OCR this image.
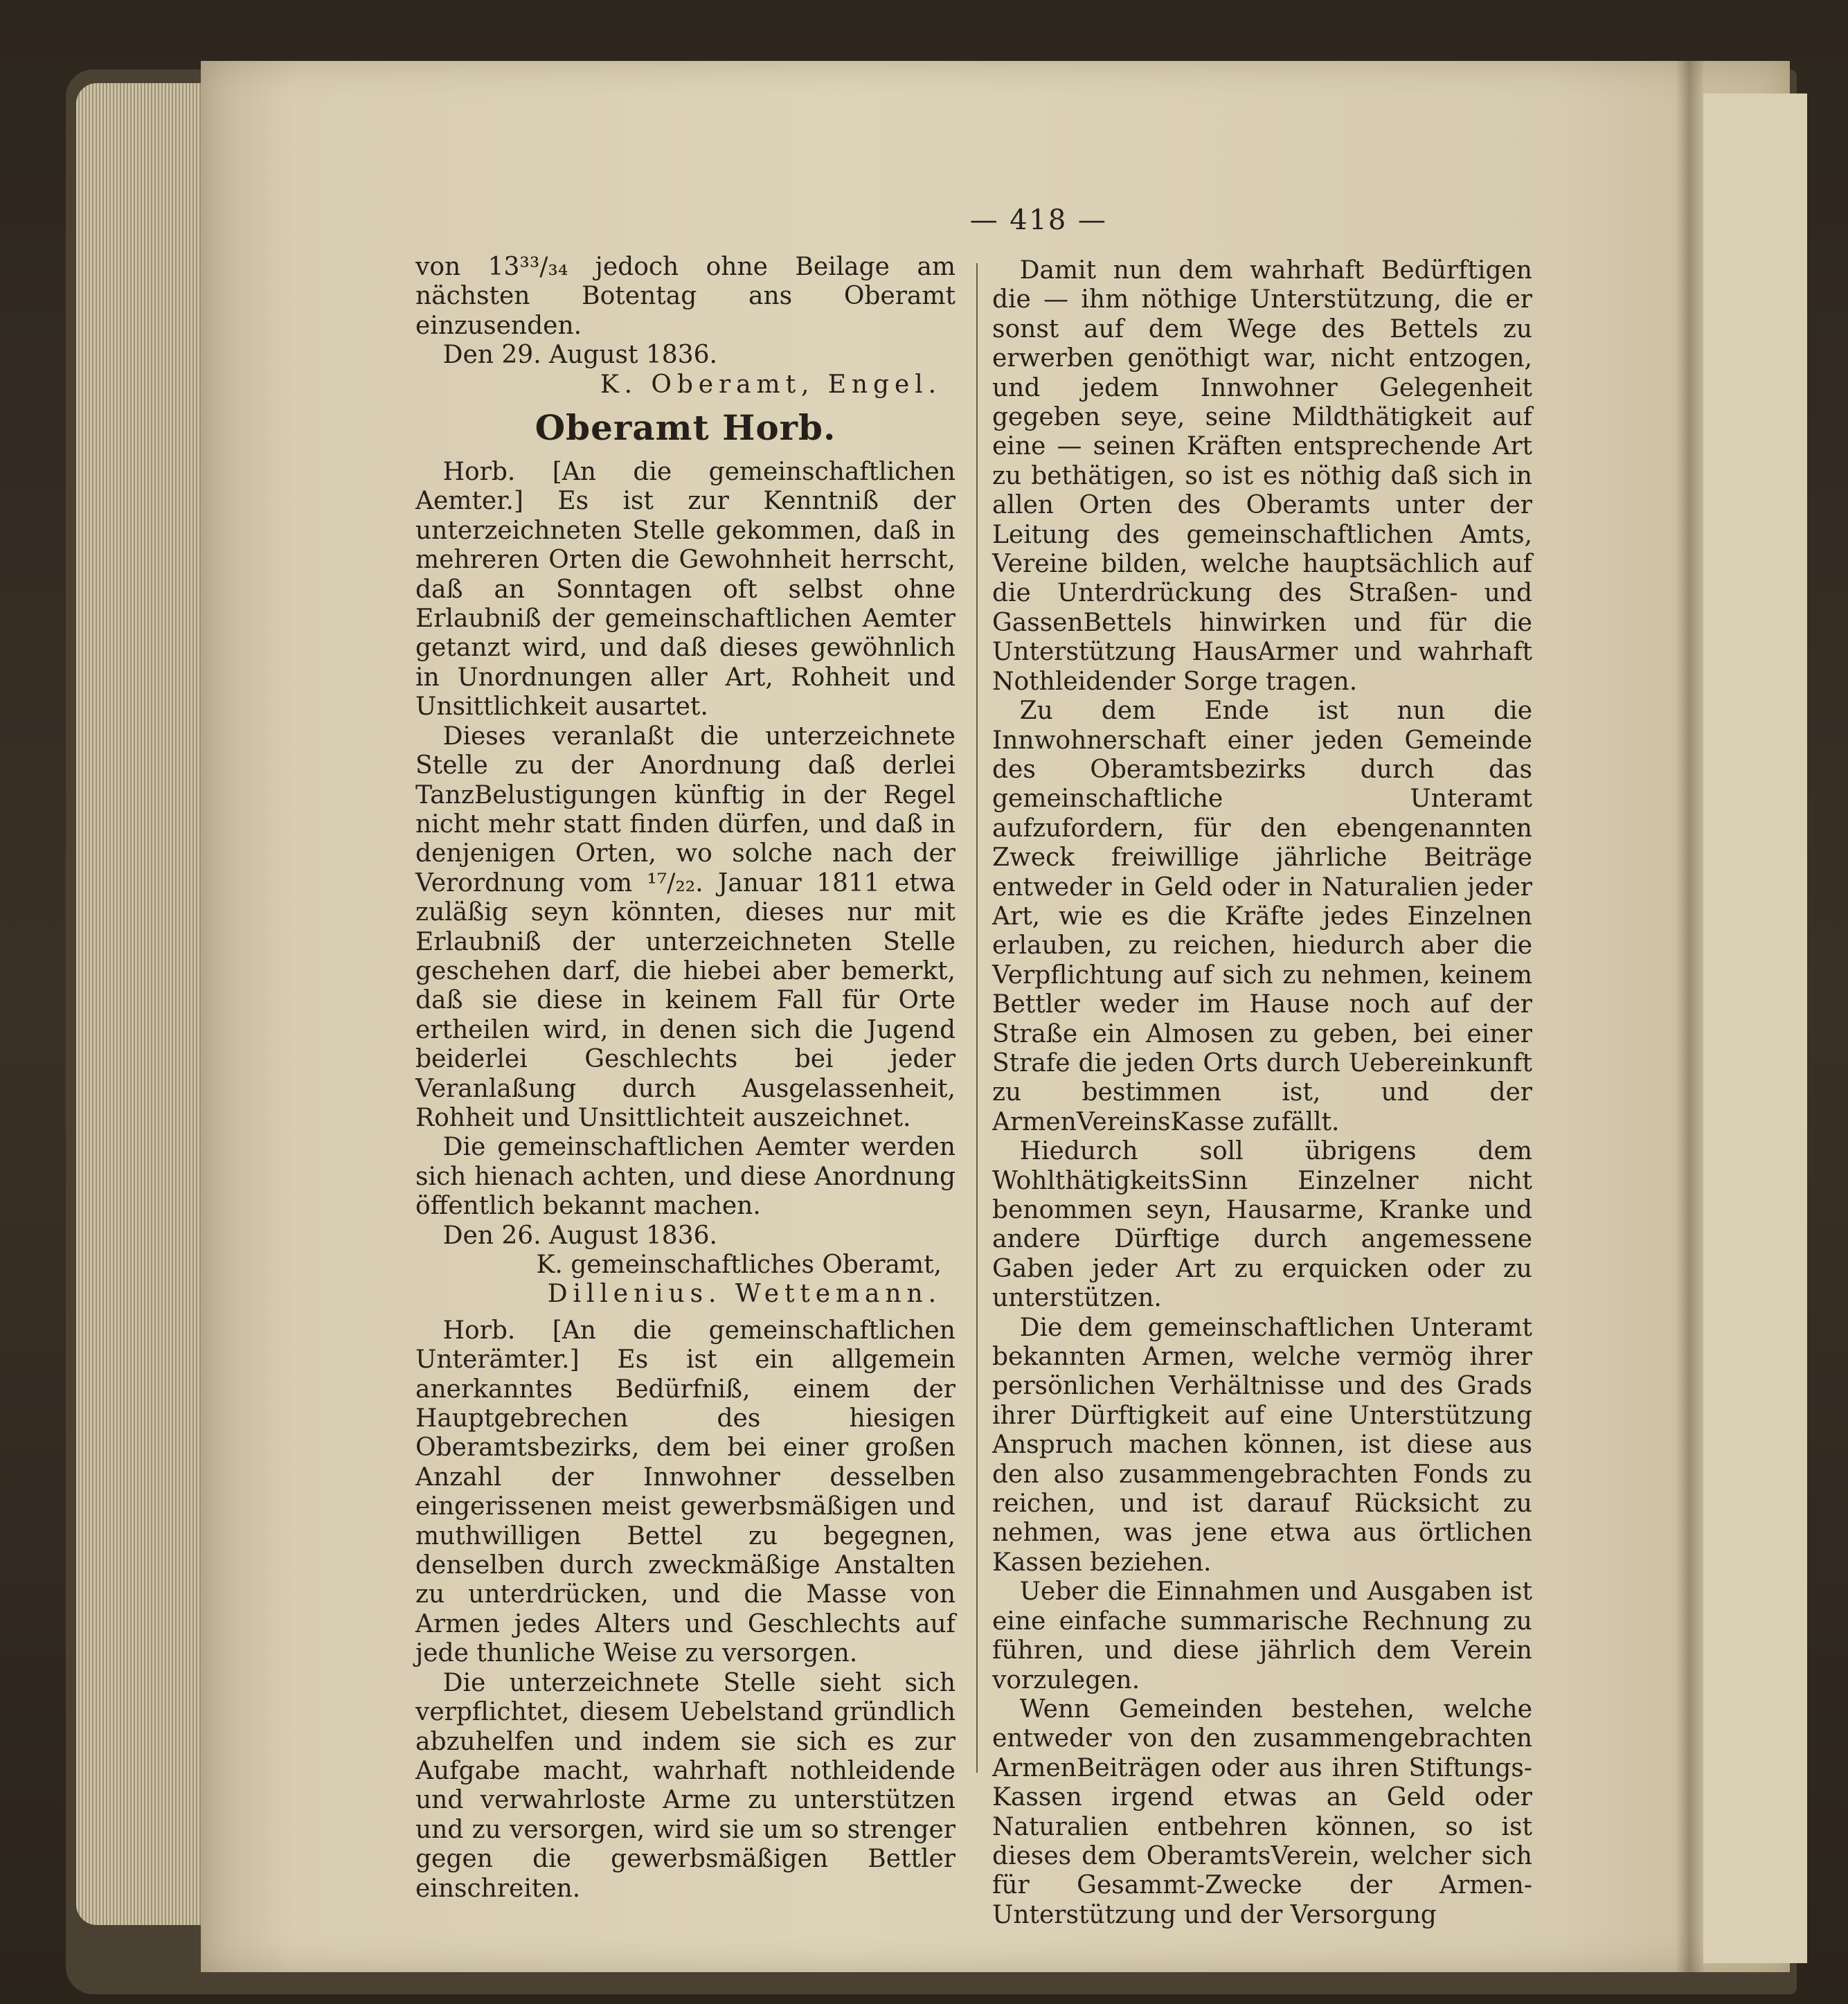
— 418 —

von 13³³/₃₄ jedoch ohne Beilage am nächsten Botentag ans Oberamt einzusenden.

Den 29. August 1836.

K. Oberamt, Engel.

Oberamt Horb.

Horb. [An die gemeinschaftlichen Aemter.] Es ist zur Kenntniß der unterzeichneten Stelle gekommen, daß in mehreren Orten die Gewohnheit herrscht, daß an Sonntagen oft selbst ohne Erlaubniß der gemeinschaftlichen Aemter getanzt wird, und daß dieses gewöhnlich in Unordnungen aller Art, Rohheit und Unsittlichkeit ausartet.

Dieses veranlaßt die unterzeichnete Stelle zu der Anordnung daß derlei TanzBelustigungen künftig in der Regel nicht mehr statt finden dürfen, und daß in denjenigen Orten, wo solche nach der Verordnung vom ¹⁷/₂₂. Januar 1811 etwa zuläßig seyn könnten, dieses nur mit Erlaubniß der unterzeichneten Stelle geschehen darf, die hiebei aber bemerkt, daß sie diese in keinem Fall für Orte ertheilen wird, in denen sich die Jugend beiderlei Geschlechts bei jeder Veranlaßung durch Ausgelassenheit, Rohheit und Unsittlichteit auszeichnet.

Die gemeinschaftlichen Aemter werden sich hienach achten, und diese Anordnung öffentlich bekannt machen.

Den 26. August 1836.

K. gemeinschaftliches Oberamt,

Dillenius. Wettemann.

Horb. [An die gemeinschaftlichen Unterämter.] Es ist ein allgemein anerkanntes Bedürfniß, einem der Hauptgebrechen des hiesigen Oberamtsbezirks, dem bei einer großen Anzahl der Innwohner desselben eingerissenen meist gewerbsmäßigen und muthwilligen Bettel zu begegnen, denselben durch zweckmäßige Anstalten zu unterdrücken, und die Masse von Armen jedes Alters und Geschlechts auf jede thunliche Weise zu versorgen.

Die unterzeichnete Stelle sieht sich verpflichtet, diesem Uebelstand gründlich abzuhelfen und indem sie sich es zur Aufgabe macht, wahrhaft nothleidende und verwahrloste Arme zu unterstützen und zu versorgen, wird sie um so strenger gegen die gewerbsmäßigen Bettler einschreiten.

Damit nun dem wahrhaft Bedürftigen die — ihm nöthige Unterstützung, die er sonst auf dem Wege des Bettels zu erwerben genöthigt war, nicht entzogen, und jedem Innwohner Gelegenheit gegeben seye, seine Mildthätigkeit auf eine — seinen Kräften entsprechende Art zu bethätigen, so ist es nöthig daß sich in allen Orten des Oberamts unter der Leitung des gemeinschaftlichen Amts, Vereine bilden, welche hauptsächlich auf die Unterdrückung des Straßen- und GassenBettels hinwirken und für die Unterstützung HausArmer und wahrhaft Nothleidender Sorge tragen.

Zu dem Ende ist nun die Innwohnerschaft einer jeden Gemeinde des Oberamtsbezirks durch das gemeinschaftliche Unteramt aufzufordern, für den ebengenannten Zweck freiwillige jährliche Beiträge entweder in Geld oder in Naturalien jeder Art, wie es die Kräfte jedes Einzelnen erlauben, zu reichen, hiedurch aber die Verpflichtung auf sich zu nehmen, keinem Bettler weder im Hause noch auf der Straße ein Almosen zu geben, bei einer Strafe die jeden Orts durch Uebereinkunft zu bestimmen ist, und der ArmenVereinsKasse zufällt.

Hiedurch soll übrigens dem WohlthätigkeitsSinn Einzelner nicht benommen seyn, Hausarme, Kranke und andere Dürftige durch angemessene Gaben jeder Art zu erquicken oder zu unterstützen.

Die dem gemeinschaftlichen Unteramt bekannten Armen, welche vermög ihrer persönlichen Verhältnisse und des Grads ihrer Dürftigkeit auf eine Unterstützung Anspruch machen können, ist diese aus den also zusammengebrachten Fonds zu reichen, und ist darauf Rücksicht zu nehmen, was jene etwa aus örtlichen Kassen beziehen.

Ueber die Einnahmen und Ausgaben ist eine einfache summarische Rechnung zu führen, und diese jährlich dem Verein vorzulegen.

Wenn Gemeinden bestehen, welche entweder von den zusammengebrachten ArmenBeiträgen oder aus ihren Stiftungs-Kassen irgend etwas an Geld oder Naturalien entbehren können, so ist dieses dem OberamtsVerein, welcher sich für Gesammt-Zwecke der Armen-Unterstützung und der Versorgung
